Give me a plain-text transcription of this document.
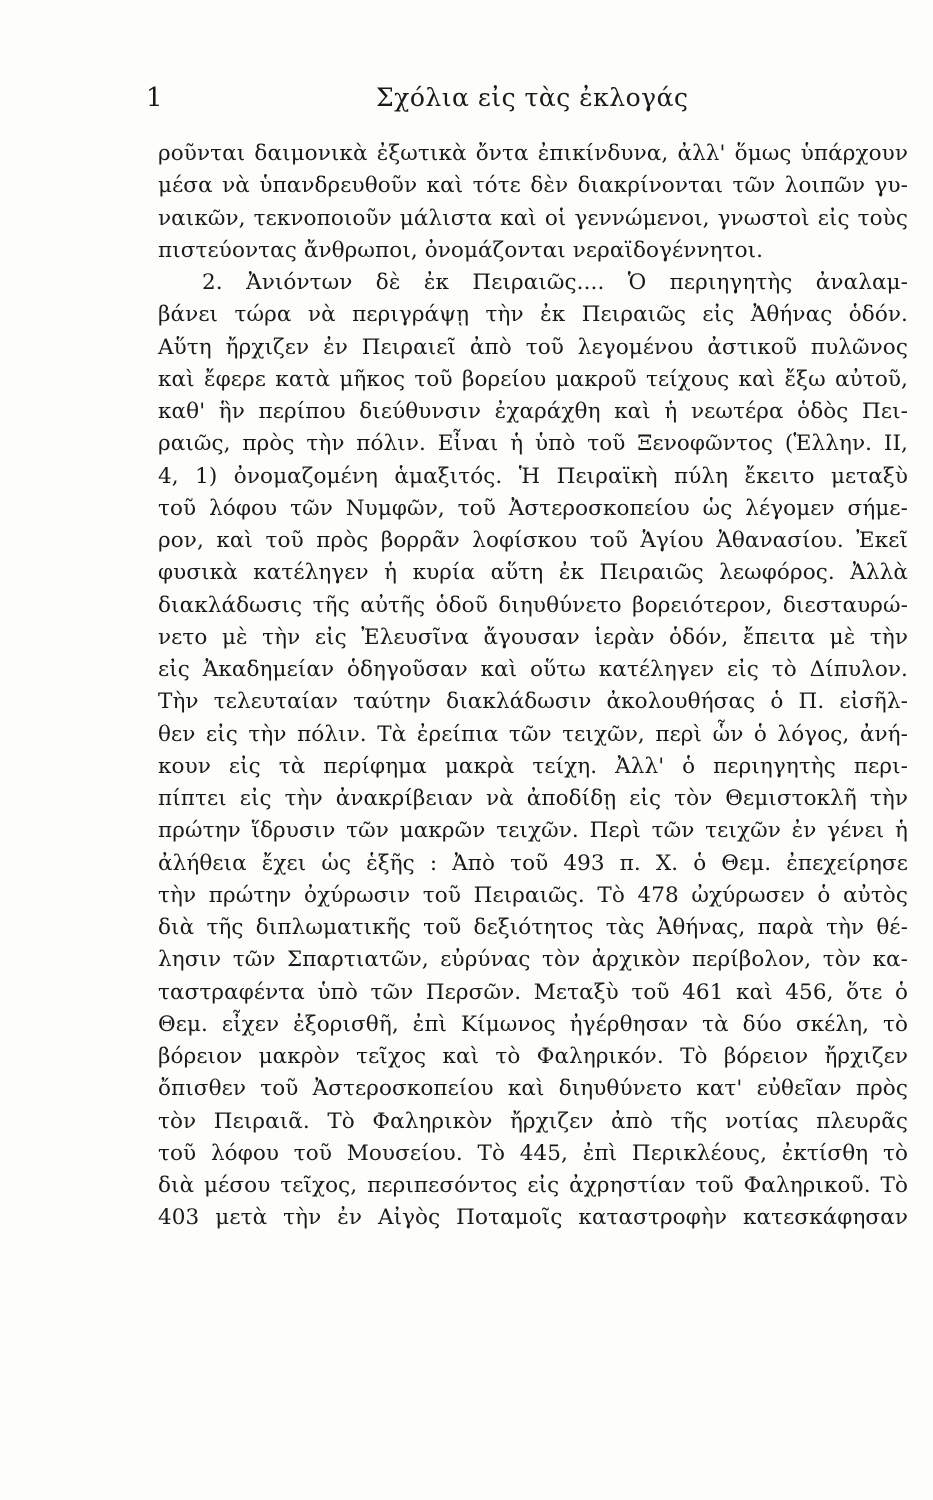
1	Σχόλια εἰς τὰς ἐκλογάς
ροῦνται δαιμονικὰ ἐξωτικὰ ὄντα ἐπικίνδυνα, ἀλλ' ὅμως ὑπάρχουν
μέσα νὰ ὑπανδρευθοῦν καὶ τότε δὲν διακρίνονται τῶν λοιπῶν γυ-
ναικῶν, τεκνοποιοῦν μάλιστα καὶ οἱ γεννώμενοι, γνωστοὶ εἰς τοὺς
πιστεύοντας ἄνθρωποι, ὀνομάζονται νεραϊδογέννητοι.
2. Ἀνιόντων δὲ ἐκ Πειραιῶς.... Ὁ περιηγητὴς ἀναλαμ-
βάνει τώρα νὰ περιγράψῃ τὴν ἐκ Πειραιῶς εἰς Ἀθήνας ὁδόν.
Αὕτη ἤρχιζεν ἐν Πειραιεῖ ἀπὸ τοῦ λεγομένου ἀστικοῦ πυλῶνος
καὶ ἔφερε κατὰ μῆκος τοῦ βορείου μακροῦ τείχους καὶ ἔξω αὐτοῦ,
καθ' ἣν περίπου διεύθυνσιν ἐχαράχθη καὶ ἡ νεωτέρα ὁδὸς Πει-
ραιῶς, πρὸς τὴν πόλιν. Εἶναι ἡ ὑπὸ τοῦ Ξενοφῶντος (Ἑλλην. ΙΙ,
4, 1) ὀνομαζομένη ἁμαξιτός. Ἡ Πειραϊκὴ πύλη ἔκειτο μεταξὺ
τοῦ λόφου τῶν Νυμφῶν, τοῦ Ἀστεροσκοπείου ὡς λέγομεν σήμε-
ρον, καὶ τοῦ πρὸς βορρᾶν λοφίσκου τοῦ Ἁγίου Ἀθανασίου. Ἐκεῖ
φυσικὰ κατέληγεν ἡ κυρία αὕτη ἐκ Πειραιῶς λεωφόρος. Ἀλλὰ
διακλάδωσις τῆς αὐτῆς ὁδοῦ διηυθύνετο βορειότερον, διεσταυρώ-
νετο μὲ τὴν εἰς Ἐλευσῖνα ἄγουσαν ἱερὰν ὁδόν, ἔπειτα μὲ τὴν
εἰς Ἀκαδημείαν ὁδηγοῦσαν καὶ οὕτω κατέληγεν εἰς τὸ Δίπυλον.
Τὴν τελευταίαν ταύτην διακλάδωσιν ἀκολουθήσας ὁ Π. εἰσῆλ-
θεν εἰς τὴν πόλιν. Τὰ ἐρείπια τῶν τειχῶν, περὶ ὧν ὁ λόγος, ἀνή-
κουν εἰς τὰ περίφημα μακρὰ τείχη. Ἀλλ' ὁ περιηγητὴς περι-
πίπτει εἰς τὴν ἀνακρίβειαν νὰ ἀποδίδῃ εἰς τὸν Θεμιστοκλῆ τὴν
πρώτην ἵδρυσιν τῶν μακρῶν τειχῶν. Περὶ τῶν τειχῶν ἐν γένει ἡ
ἀλήθεια ἔχει ὡς ἑξῆς : Ἀπὸ τοῦ 493 π. Χ. ὁ Θεμ. ἐπεχείρησε
τὴν πρώτην ὀχύρωσιν τοῦ Πειραιῶς. Τὸ 478 ὠχύρωσεν ὁ αὐτὸς
διὰ τῆς διπλωματικῆς τοῦ δεξιότητος τὰς Ἀθήνας, παρὰ τὴν θέ-
λησιν τῶν Σπαρτιατῶν, εὐρύνας τὸν ἀρχικὸν περίβολον, τὸν κα-
ταστραφέντα ὑπὸ τῶν Περσῶν. Μεταξὺ τοῦ 461 καὶ 456, ὅτε ὁ
Θεμ. εἶχεν ἐξορισθῆ, ἐπὶ Κίμωνος ἠγέρθησαν τὰ δύο σκέλη, τὸ
βόρειον μακρὸν τεῖχος καὶ τὸ Φαληρικόν. Τὸ βόρειον ἤρχιζεν
ὄπισθεν τοῦ Ἀστεροσκοπείου καὶ διηυθύνετο κατ' εὐθεῖαν πρὸς
τὸν Πειραιᾶ. Τὸ Φαληρικὸν ἤρχιζεν ἀπὸ τῆς νοτίας πλευρᾶς
τοῦ λόφου τοῦ Μουσείου. Τὸ 445, ἐπὶ Περικλέους, ἐκτίσθη τὸ
διὰ μέσου τεῖχος, περιπεσόντος εἰς ἀχρηστίαν τοῦ Φαληρικοῦ. Τὸ
403 μετὰ τὴν ἐν Αἰγὸς Ποταμοῖς καταστροφὴν κατεσκάφησαν
